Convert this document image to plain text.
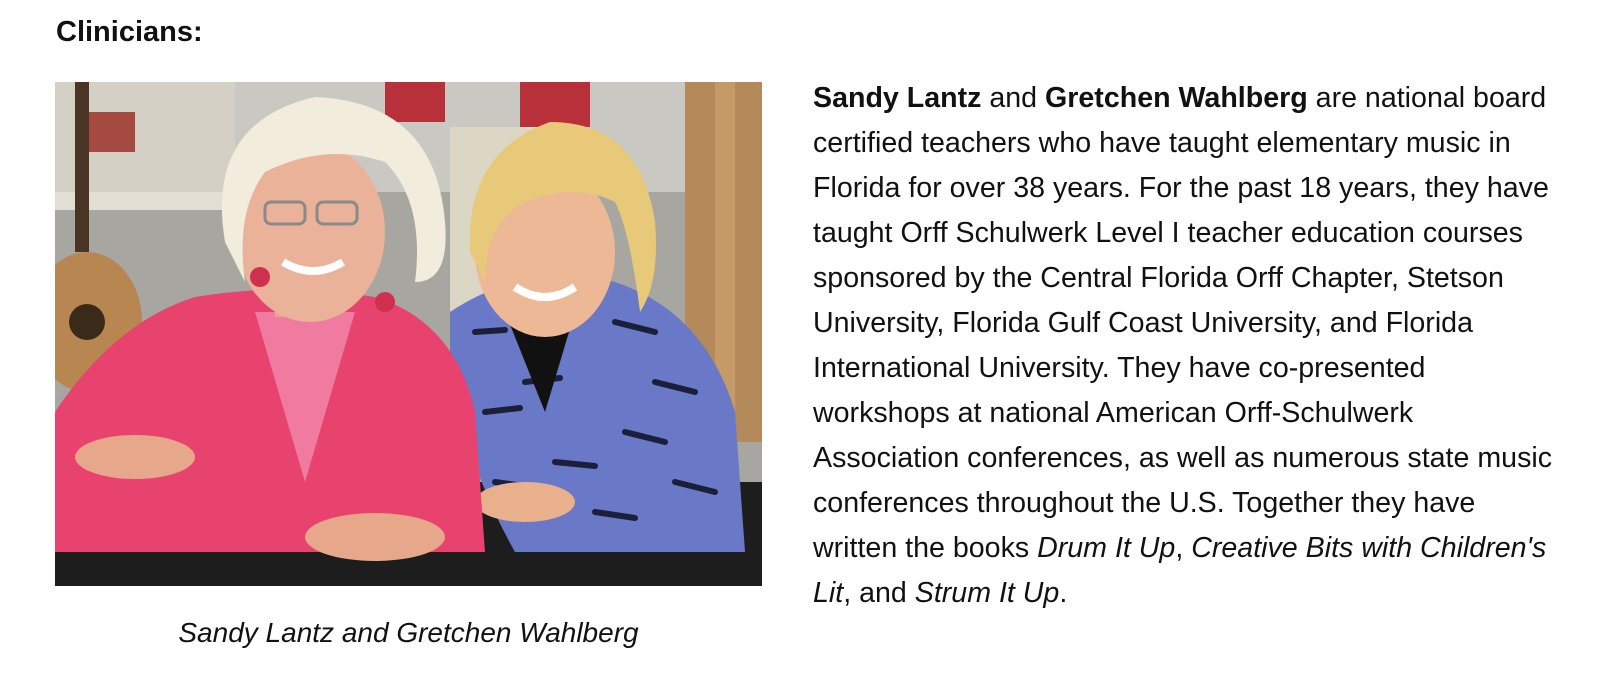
Clinicians:
Sandy Lantz and Gretchen Wahlberg

Sandy Lantz and Gretchen Wahlberg are national board certified teachers who have taught elementary music in Florida for over 38 years. For the past 18 years, they have taught Orff Schulwerk Level I teacher education courses sponsored by the Central Florida Orff Chapter, Stetson University, Florida Gulf Coast University, and Florida International University. They have co-presented workshops at national American Orff-Schulwerk Association conferences, as well as numerous state music conferences throughout the U.S. Together they have written the books Drum It Up, Creative Bits with Children's Lit, and Strum It Up.
